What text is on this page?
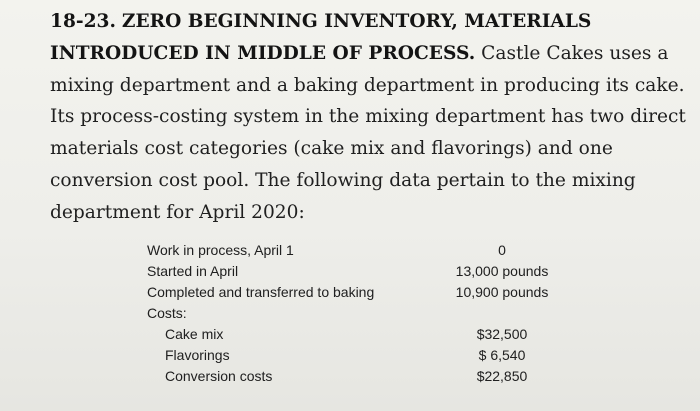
18-23. ZERO BEGINNING INVENTORY, MATERIALS INTRODUCED IN MIDDLE OF PROCESS. Castle Cakes uses a mixing department and a baking department in producing its cake. Its process-costing system in the mixing department has two direct materials cost categories (cake mix and flavorings) and one conversion cost pool. The following data pertain to the mixing department for April 2020:

Work in process, April 1	0
Started in April	13,000 pounds
Completed and transferred to baking	10,900 pounds
Costs:	
Cake mix	$32,500
Flavorings	$ 6,540
Conversion costs	$22,850
